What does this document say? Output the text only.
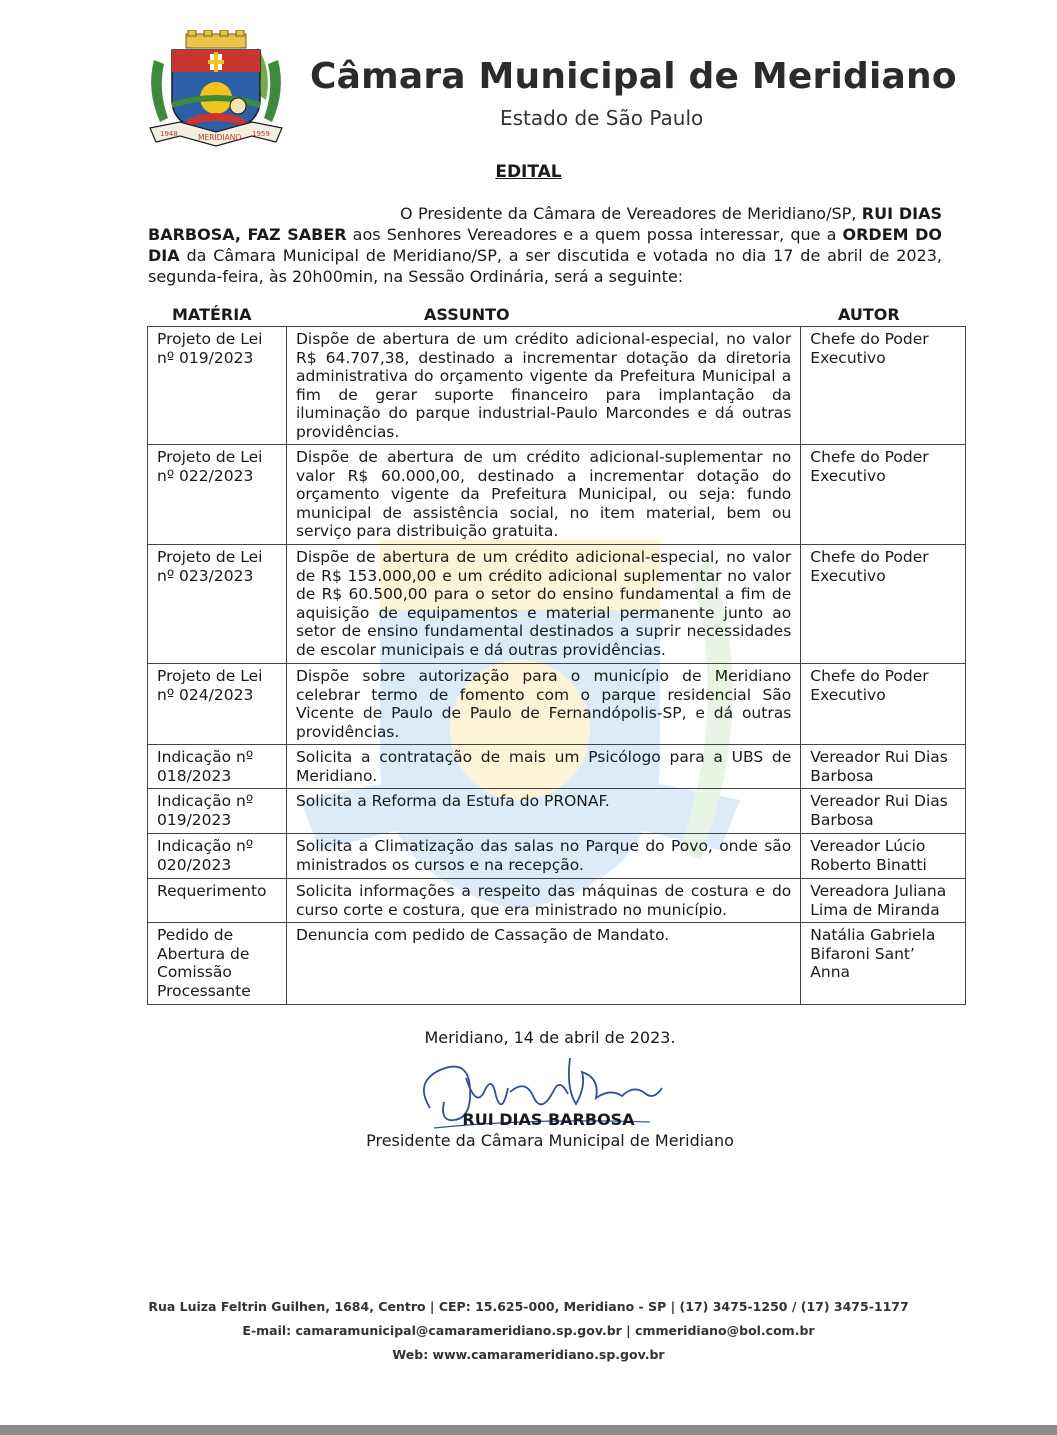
1948	MERIDIANO 1959
Câmara Municipal de Meridiano
Estado de São Paulo
EDITAL
O Presidente da Câmara de Vereadores de Meridiano/SP, RUI DIAS BARBOSA, FAZ SABER aos Senhores Vereadores e a quem possa interessar, que a ORDEM DO DIA da Câmara Municipal de Meridiano/SP, a ser discutida e votada no dia 17 de abril de 2023, segunda-feira, às 20h00min, na Sessão Ordinária, será a seguinte:
MATÉRIA	ASSUNTO	AUTOR
Projeto de Lei nº 019/2023	Dispõe de abertura de um crédito adicional-especial, no valor R$ 64.707,38, destinado a incrementar dotação da diretoria administrativa do orçamento vigente da Prefeitura Municipal a fim de gerar suporte financeiro para implantação da iluminação do parque industrial-Paulo Marcondes e dá outras providências.	Chefe do Poder Executivo
Projeto de Lei nº 022/2023	Dispõe de abertura de um crédito adicional-suplementar no valor R$ 60.000,00, destinado a incrementar dotação do orçamento vigente da Prefeitura Municipal, ou seja: fundo municipal de assistência social, no item material, bem ou serviço para distribuição gratuita.	Chefe do Poder Executivo
Projeto de Lei nº 023/2023	Dispõe de abertura de um crédito adicional-especial, no valor de R$ 153.000,00 e um crédito adicional suplementar no valor de R$ 60.500,00 para o setor do ensino fundamental a fim de aquisição de equipamentos e material permanente junto ao setor de ensino fundamental destinados a suprir necessidades de escolar municipais e dá outras providências.	Chefe do Poder Executivo
Projeto de Lei nº 024/2023	Dispõe sobre autorização para o município de Meridiano celebrar termo de fomento com o parque residencial São Vicente de Paulo de Paulo de Fernandópolis-SP, e dá outras providências.	Chefe do Poder Executivo
Indicação nº 018/2023	Solicita a contratação de mais um Psicólogo para a UBS de Meridiano.	Vereador Rui Dias Barbosa
Indicação nº 019/2023	Solicita a Reforma da Estufa do PRONAF.	Vereador Rui Dias Barbosa
Indicação nº 020/2023	Solicita a Climatização das salas no Parque do Povo, onde são ministrados os cursos e na recepção.	Vereador Lúcio Roberto Binatti
Requerimento	Solicita informações a respeito das máquinas de costura e do curso corte e costura, que era ministrado no município.	Vereadora Juliana Lima de Miranda
Pedido de Abertura de Comissão Processante	Denuncia com pedido de Cassação de Mandato.	Natália Gabriela Bifaroni Sant’ Anna
Meridiano, 14 de abril de 2023.
RUI DIAS BARBOSA
Presidente da Câmara Municipal de Meridiano
Rua Luiza Feltrin Guilhen, 1684, Centro | CEP: 15.625-000, Meridiano - SP | (17) 3475-1250 / (17) 3475-1177
E-mail: camaramunicipal@camarameridiano.sp.gov.br | cmmeridiano@bol.com.br
Web: www.camarameridiano.sp.gov.br
